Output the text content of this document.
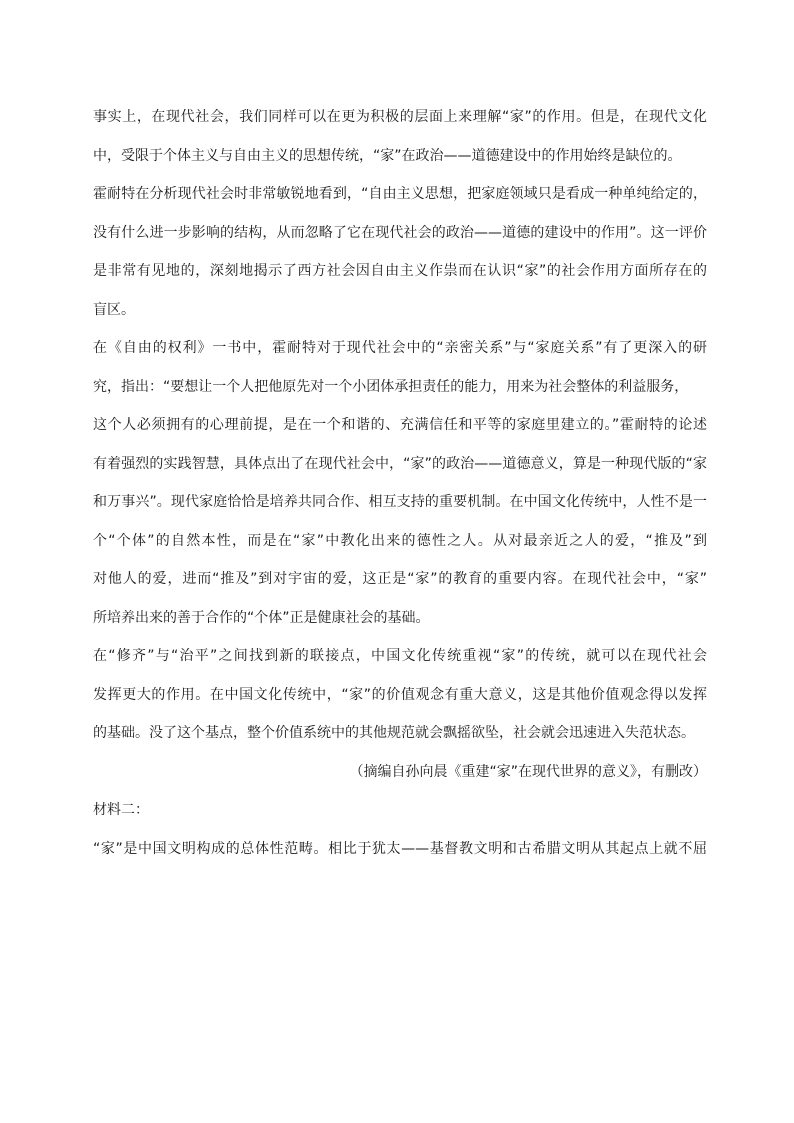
事实上，在现代社会，我们同样可以在更为积极的层面上来理解“家”的作用。但是，在现代文化
中，受限于个体主义与自由主义的思想传统，“家”在政治——道德建设中的作用始终是缺位的。
霍耐特在分析现代社会时非常敏锐地看到，“自由主义思想，把家庭领域只是看成一种单纯给定的，
没有什么进一步影响的结构，从而忽略了它在现代社会的政治——道德的建设中的作用”。这一评价
是非常有见地的，深刻地揭示了西方社会因自由主义作祟而在认识“家”的社会作用方面所存在的
盲区。
在《自由的权利》一书中，霍耐特对于现代社会中的“亲密关系”与“家庭关系”有了更深入的研
究，指出：“要想让一个人把他原先对一个小团体承担责任的能力，用来为社会整体的利益服务，
这个人必须拥有的心理前提，是在一个和谐的、充满信任和平等的家庭里建立的。”霍耐特的论述
有着强烈的实践智慧，具体点出了在现代社会中，“家”的政治——道德意义，算是一种现代版的“家
和万事兴”。现代家庭恰恰是培养共同合作、相互支持的重要机制。在中国文化传统中，人性不是一
个“个体”的自然本性，而是在“家”中教化出来的德性之人。从对最亲近之人的爱，“推及”到
对他人的爱，进而“推及”到对宇宙的爱，这正是“家”的教育的重要内容。在现代社会中，“家”
所培养出来的善于合作的“个体”正是健康社会的基础。
在“修齐”与“治平”之间找到新的联接点，中国文化传统重视“家”的传统，就可以在现代社会
发挥更大的作用。在中国文化传统中，“家”的价值观念有重大意义，这是其他价值观念得以发挥
的基础。没了这个基点，整个价值系统中的其他规范就会飘摇欲坠，社会就会迅速进入失范状态。
（摘编自孙向晨《重建“家”在现代世界的意义》，有删改）
材料二：
“家”是中国文明构成的总体性范畴。相比于犹太——基督教文明和古希腊文明从其起点上就不屈
